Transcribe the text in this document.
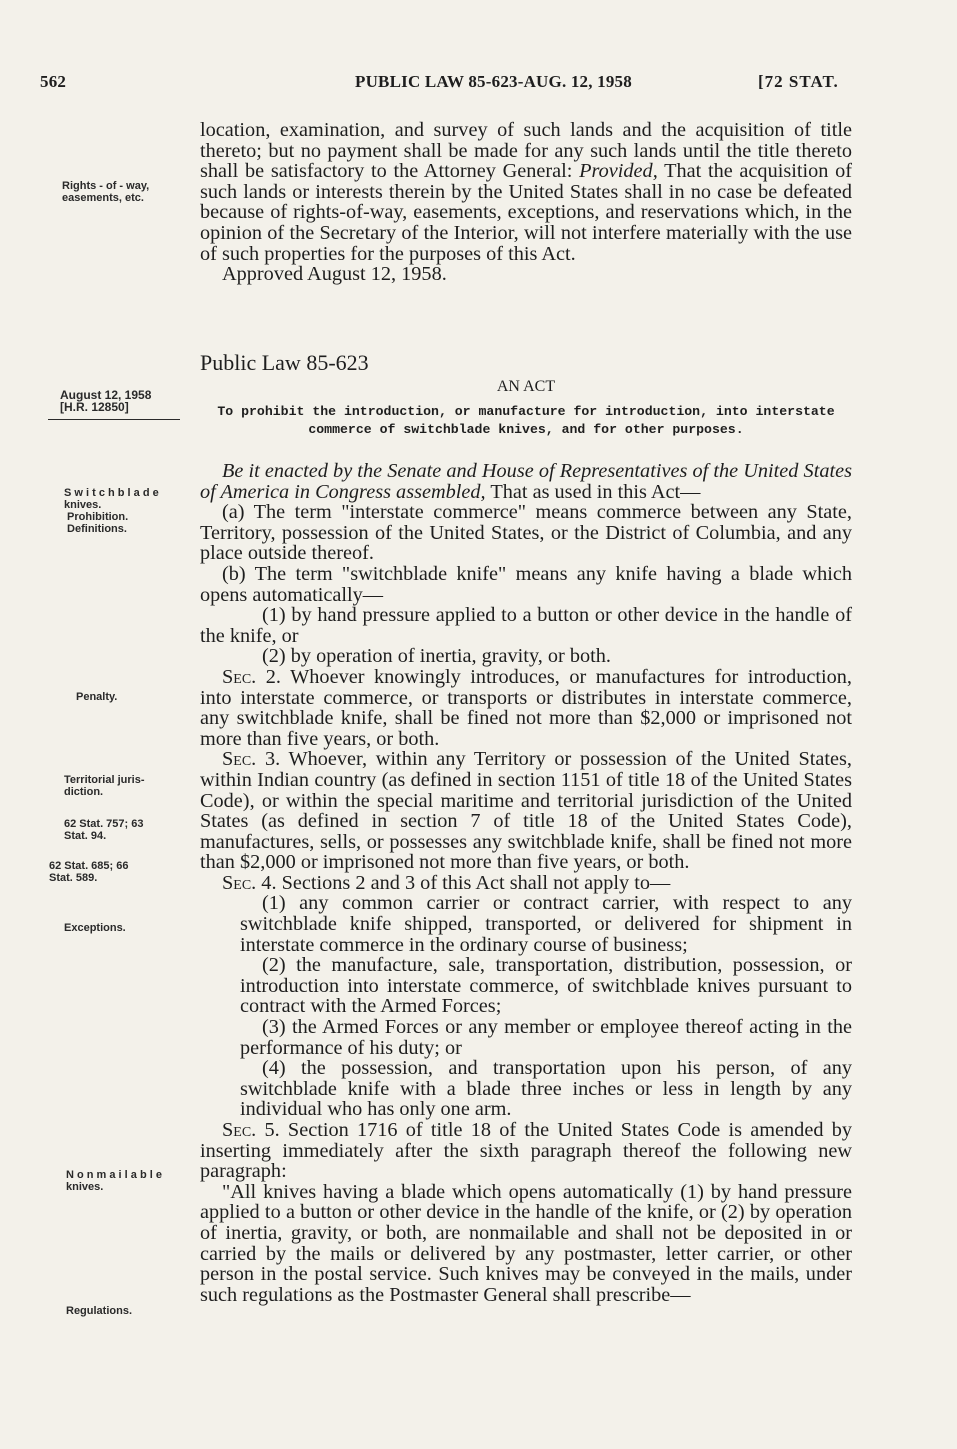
562	PUBLIC LAW 85-623-AUG. 12, 1958	[72 STAT.
Rights - of - way,
easements, etc.
August 12, 1958
[H.R. 12850]
S w i t c h b l a d e
knives.
Prohibition.
Definitions.
Penalty.
Territorial juris-
diction.
62 Stat. 757; 63
Stat. 94.
62 Stat. 685; 66
Stat. 589.
Exceptions.
N o n m a i l a b l e
knives.
Regulations.

location, examination, and survey of such lands and the acquisition of title thereto; but no payment shall be made for any such lands until the title thereto shall be satisfactory to the Attorney General: Provided, That the acquisition of such lands or interests therein by the United States shall in no case be defeated because of rights-of-way, easements, exceptions, and reservations which, in the opinion of the Secretary of the Interior, will not interfere materially with the use of such properties for the purposes of this Act.

Approved August 12, 1958.

Public Law 85-623
AN ACT
To prohibit the introduction, or manufacture for introduction, into interstate commerce of switchblade knives, and for other purposes.

Be it enacted by the Senate and House of Representatives of the United States of America in Congress assembled, That as used in this Act—

(a) The term "interstate commerce" means commerce between any State, Territory, possession of the United States, or the District of Columbia, and any place outside thereof.

(b) The term "switchblade knife" means any knife having a blade which opens automatically—

(1) by hand pressure applied to a button or other device in the handle of the knife, or

(2) by operation of inertia, gravity, or both.

Sec. 2. Whoever knowingly introduces, or manufactures for introduction, into interstate commerce, or transports or distributes in interstate commerce, any switchblade knife, shall be fined not more than $2,000 or imprisoned not more than five years, or both.

Sec. 3. Whoever, within any Territory or possession of the United States, within Indian country (as defined in section 1151 of title 18 of the United States Code), or within the special maritime and territorial jurisdiction of the United States (as defined in section 7 of title 18 of the United States Code), manufactures, sells, or possesses any switchblade knife, shall be fined not more than $2,000 or imprisoned not more than five years, or both.

Sec. 4. Sections 2 and 3 of this Act shall not apply to—

(1) any common carrier or contract carrier, with respect to any switchblade knife shipped, transported, or delivered for shipment in interstate commerce in the ordinary course of business;

(2) the manufacture, sale, transportation, distribution, possession, or introduction into interstate commerce, of switchblade knives pursuant to contract with the Armed Forces;

(3) the Armed Forces or any member or employee thereof acting in the performance of his duty; or

(4) the possession, and transportation upon his person, of any switchblade knife with a blade three inches or less in length by any individual who has only one arm.

Sec. 5. Section 1716 of title 18 of the United States Code is amended by inserting immediately after the sixth paragraph thereof the following new paragraph:

"All knives having a blade which opens automatically (1) by hand pressure applied to a button or other device in the handle of the knife, or (2) by operation of inertia, gravity, or both, are nonmailable and shall not be deposited in or carried by the mails or delivered by any postmaster, letter carrier, or other person in the postal service. Such knives may be conveyed in the mails, under such regulations as the Postmaster General shall prescribe—
